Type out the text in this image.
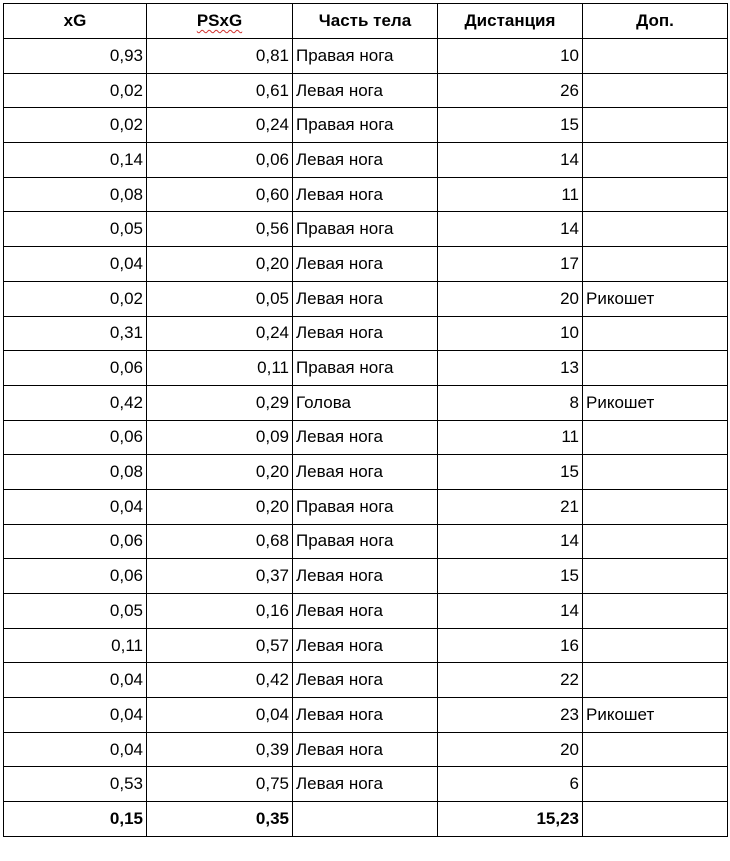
xG	PSxG	Часть тела	Дистанция	Доп.
0,93	0,81	Правая нога	10	
0,02	0,61	Левая нога	26	
0,02	0,24	Правая нога	15	
0,14	0,06	Левая нога	14	
0,08	0,60	Левая нога	11	
0,05	0,56	Правая нога	14	
0,04	0,20	Левая нога	17	
0,02	0,05	Левая нога	20	Рикошет
0,31	0,24	Левая нога	10	
0,06	0,11	Правая нога	13	
0,42	0,29	Голова	8	Рикошет
0,06	0,09	Левая нога	11	
0,08	0,20	Левая нога	15	
0,04	0,20	Правая нога	21	
0,06	0,68	Правая нога	14	
0,06	0,37	Левая нога	15	
0,05	0,16	Левая нога	14	
0,11	0,57	Левая нога	16	
0,04	0,42	Левая нога	22	
0,04	0,04	Левая нога	23	Рикошет
0,04	0,39	Левая нога	20	
0,53	0,75	Левая нога	6	
0,15	0,35		15,23	
